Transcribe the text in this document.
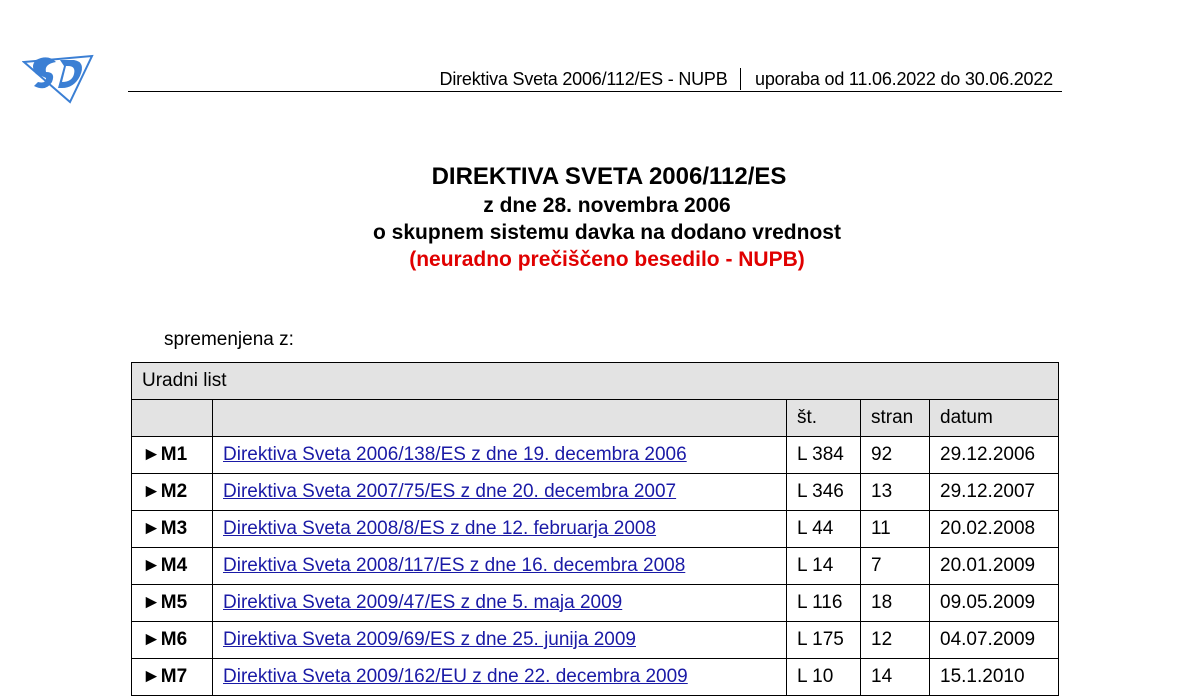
Direktiva Sveta 2006/112/ES - NUPB uporaba od 11.06.2022 do 30.06.2022
DIREKTIVA SVETA 2006/112/ES
z dne 28. novembra 2006
o skupnem sistemu davka na dodano vrednost
(neuradno prečiščeno besedilo - NUPB)
spremenjena z:
Uradni list				
		št.	stran	datum
►M1	Direktiva Sveta 2006/138/ES z dne 19. decembra 2006	L 384	92	29.12.2006
►M2	Direktiva Sveta 2007/75/ES z dne 20. decembra 2007	L 346	13	29.12.2007
►M3	Direktiva Sveta 2008/8/ES z dne 12. februarja 2008	L 44	11	20.02.2008
►M4	Direktiva Sveta 2008/117/ES z dne 16. decembra 2008	L 14	7	20.01.2009
►M5	Direktiva Sveta 2009/47/ES z dne 5. maja 2009	L 116	18	09.05.2009
►M6	Direktiva Sveta 2009/69/ES z dne 25. junija 2009	L 175	12	04.07.2009
►M7	Direktiva Sveta 2009/162/EU z dne 22. decembra 2009	L 10	14	15.1.2010
